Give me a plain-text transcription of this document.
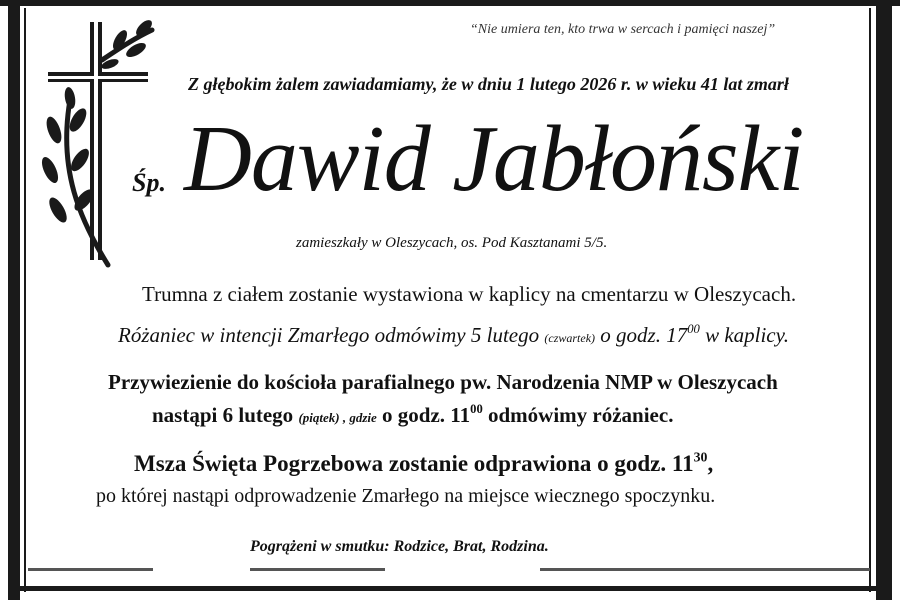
“Nie umiera ten, kto trwa w sercach i pamięci naszej”
Z głębokim żalem zawiadamiamy, że w dniu 1 lutego 2026 r. w wieku 41 lat zmarł
Śp. Dawid Jabłoński
zamieszkały w Oleszycach, os. Pod Kasztanami 5/5.
Trumna z ciałem zostanie wystawiona w kaplicy na cmentarzu w Oleszycach.
Różaniec w intencji Zmarłego odmówimy 5 lutego (czwartek) o godz. $17^{00}$ w kaplicy.
Przywiezienie do kościoła parafialnego pw. Narodzenia NMP w Oleszycach
nastąpi 6 lutego (piątek) , gdzie o godz. $11^{00}$ odmówimy różaniec.
Msza Święta Pogrzebowa zostanie odprawiona o godz. $11^{30}$,
po której nastąpi odprowadzenie Zmarłego na miejsce wiecznego spoczynku.
Pogrążeni w smutku: Rodzice, Brat, Rodzina.
